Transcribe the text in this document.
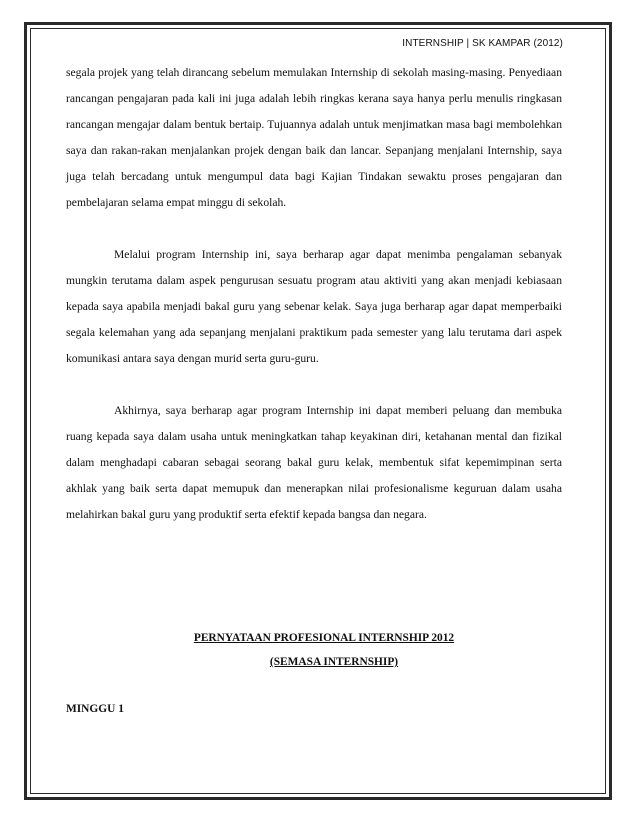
INTERNSHIP | SK KAMPAR (2012)

segala projek yang telah dirancang sebelum memulakan Internship di sekolah masing-masing. Penyediaan rancangan pengajaran pada kali ini juga adalah lebih ringkas kerana saya hanya perlu menulis ringkasan rancangan mengajar dalam bentuk bertaip. Tujuannya adalah untuk menjimatkan masa bagi membolehkan saya dan rakan-rakan menjalankan projek dengan baik dan lancar. Sepanjang menjalani Internship, saya juga telah bercadang untuk mengumpul data bagi Kajian Tindakan sewaktu proses pengajaran dan pembelajaran selama empat minggu di sekolah.

Melalui program Internship ini, saya berharap agar dapat menimba pengalaman sebanyak mungkin terutama dalam aspek pengurusan sesuatu program atau aktiviti yang akan menjadi kebiasaan kepada saya apabila menjadi bakal guru yang sebenar kelak. Saya juga berharap agar dapat memperbaiki segala kelemahan yang ada sepanjang menjalani praktikum pada semester yang lalu terutama dari aspek komunikasi antara saya dengan murid serta guru-guru.

Akhirnya, saya berharap agar program Internship ini dapat memberi peluang dan membuka ruang kepada saya dalam usaha untuk meningkatkan tahap keyakinan diri, ketahanan mental dan fizikal dalam menghadapi cabaran sebagai seorang bakal guru kelak, membentuk sifat kepemimpinan serta akhlak yang baik serta dapat memupuk dan menerapkan nilai profesionalisme keguruan dalam usaha melahirkan bakal guru yang produktif serta efektif kepada bangsa dan negara.

PERNYATAAN PROFESIONAL INTERNSHIP 2012
(SEMASA INTERNSHIP)
MINGGU 1
